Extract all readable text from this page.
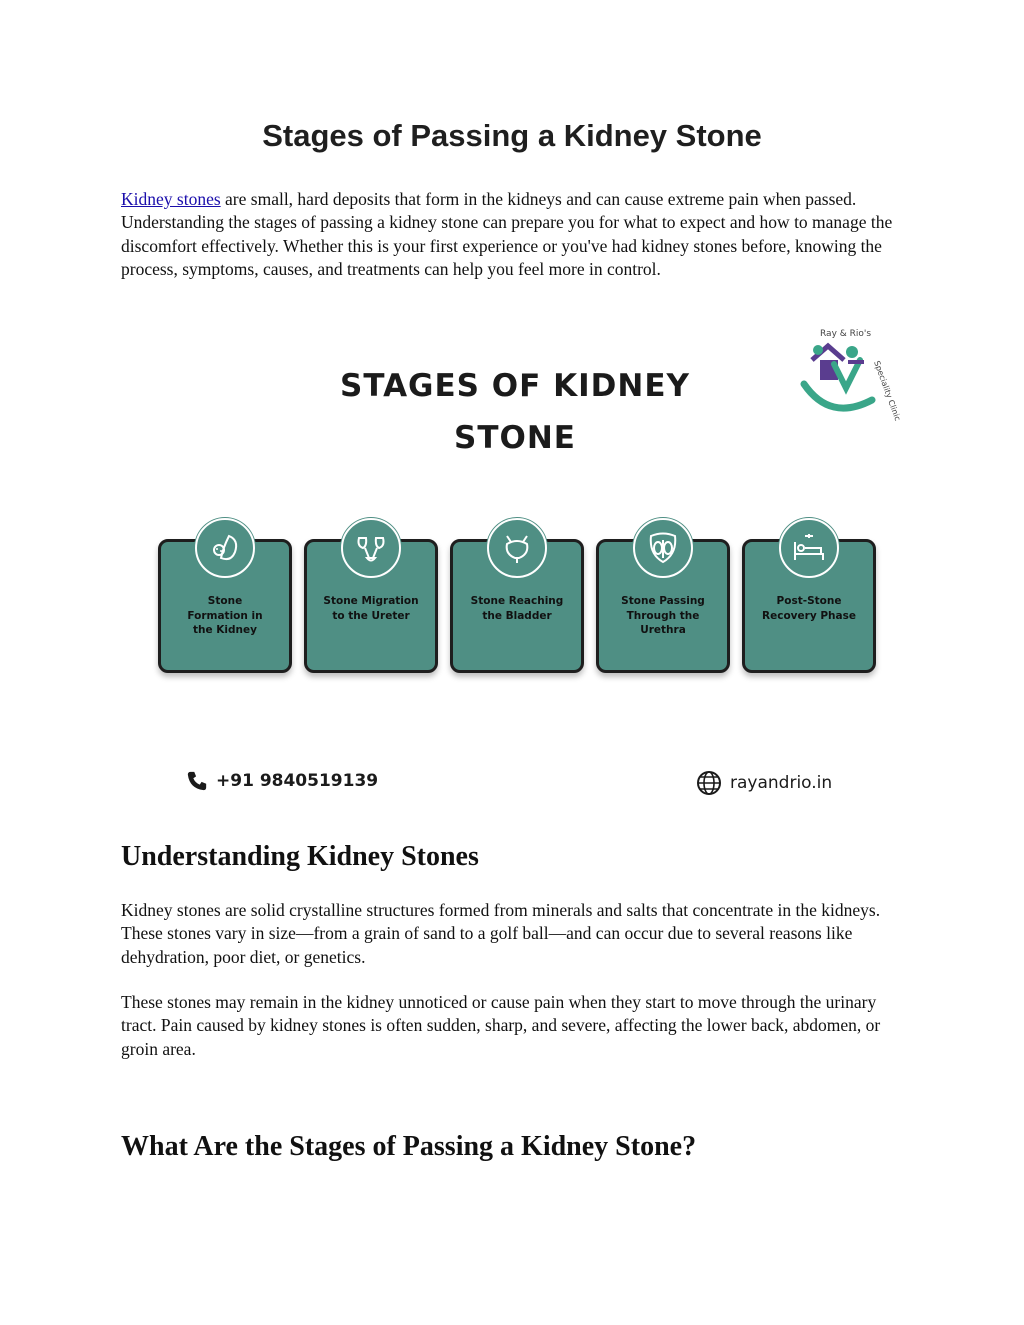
Stages of Passing a Kidney Stone

Kidney stones are small, hard deposits that form in the kidneys and can cause extreme pain when passed. Understanding the stages of passing a kidney stone can prepare you for what to expect and how to manage the discomfort effectively. Whether this is your first experience or you've had kidney stones before, knowing the process, symptoms, causes, and treatments can help you feel more in control.

STAGES OF KIDNEY STONE
Ray & Rio's
Speciality Clinic
Stone
Formation in
the Kidney
Stone Migration
to the Ureter
Stone Reaching
the Bladder
Stone Passing
Through the
Urethra
Post-Stone
Recovery Phase
+91 9840519139	rayandrio.in
Understanding Kidney Stones

Kidney stones are solid crystalline structures formed from minerals and salts that concentrate in the kidneys. These stones vary in size—from a grain of sand to a golf ball—and can occur due to several reasons like dehydration, poor diet, or genetics.

These stones may remain in the kidney unnoticed or cause pain when they start to move through the urinary tract. Pain caused by kidney stones is often sudden, sharp, and severe, affecting the lower back, abdomen, or groin area.

What Are the Stages of Passing a Kidney Stone?
